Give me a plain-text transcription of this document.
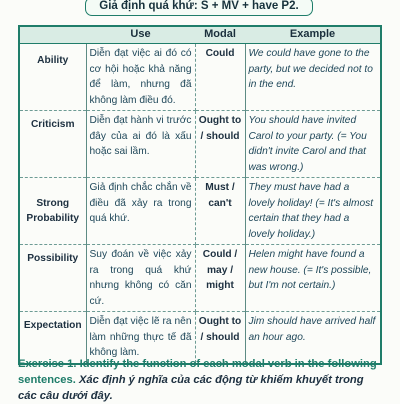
Giả định quá khứ: S + MV + have P2.
	Use	Modal	Example
Ability	Diễn đạt việc ai đó có cơ hội hoặc khả năng để làm, nhưng đã không làm điều đó.	Could	We could have gone to the party, but we decided not to in the end.
Criticism	Diễn đạt hành vi trước đây của ai đó là xấu hoặc sai lầm.	Ought to / should	You should have invited Carol to your party. (= You didn't invite Carol and that was wrong.)
Strong Probability	Giả định chắc chắn về điều đã xảy ra trong quá khứ.	Must / can't	They must have had a lovely holiday! (= It's almost certain that they had a lovely holiday.)
Possibility	Suy đoán về việc xảy ra trong quá khứ nhưng không có căn cứ.	Could / may / might	Helen might have found a new house. (= It's possible, but I'm not certain.)
Expectation	Diễn đạt việc lẽ ra nên làm những thực tế đã không làm.	Ought to / should	Jim should have arrived half an hour ago.
Exercise 1. Identify the function of each modal verb in the following sentences. Xác định ý nghĩa của các động từ khiếm khuyết trong các câu dưới đây.
